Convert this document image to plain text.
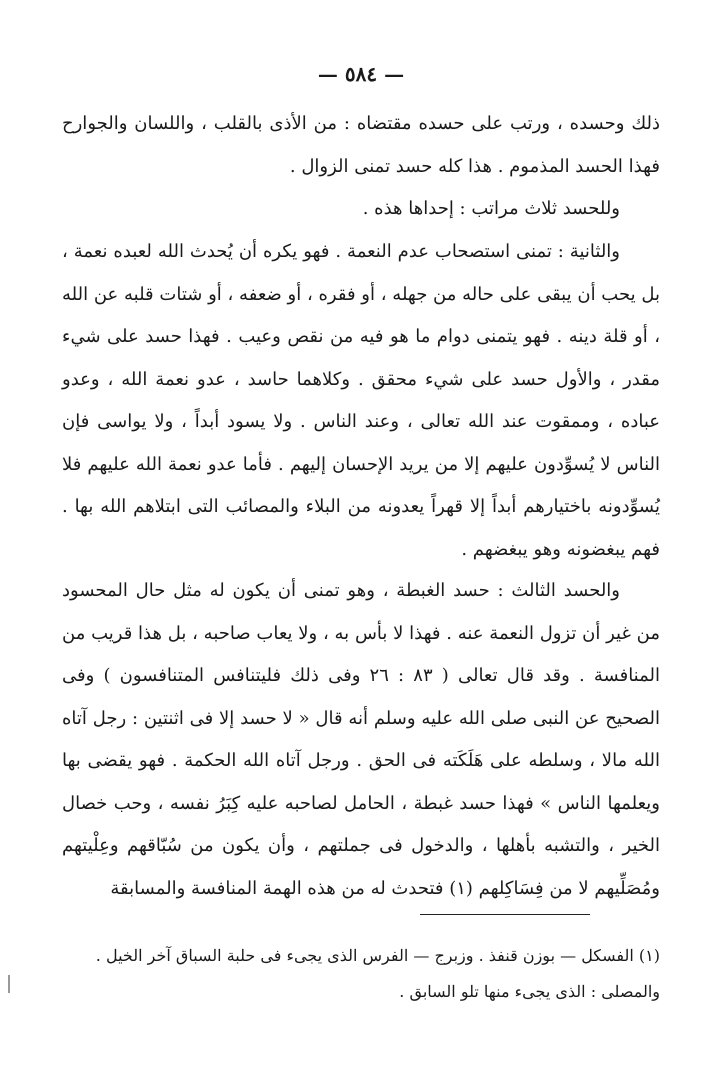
— ٥٨٤ —

ذلك وحسده ، ورتب على حسده مقتضاه : من الأذى بالقلب ، واللسان والجوارح فهذا الحسد المذموم . هذا كله حسد تمنى الزوال .

وللحسد ثلاث مراتب : إحداها هذه .

والثانية : تمنى استصحاب عدم النعمة . فهو يكره أن يُحدث الله لعبده نعمة ، بل يحب أن يبقى على حاله من جهله ، أو فقره ، أو ضعفه ، أو شتات قلبه عن الله ، أو قلة دينه . فهو يتمنى دوام ما هو فيه من نقص وعيب . فهذا حسد على شيء مقدر ، والأول حسد على شيء محقق . وكلاهما حاسد ، عدو نعمة الله ، وعدو عباده ، وممقوت عند الله تعالى ، وعند الناس . ولا يسود أبداً ، ولا يواسى فإن الناس لا يُسوِّدون عليهم إلا من يريد الإحسان إليهم . فأما عدو نعمة الله عليهم فلا يُسوِّدونه باختيارهم أبداً إلا قهراً يعدونه من البلاء والمصائب التى ابتلاهم الله بها . فهم يبغضونه وهو يبغضهم .

والحسد الثالث : حسد الغبطة ، وهو تمنى أن يكون له مثل حال المحسود من غير أن تزول النعمة عنه . فهذا لا بأس به ، ولا يعاب صاحبه ، بل هذا قريب من المنافسة . وقد قال تعالى ( ٨٣ : ٢٦ وفى ذلك فليتنافس المتنافسون ) وفى الصحيح عن النبى صلى الله عليه وسلم أنه قال « لا حسد إلا فى اثنتين : رجل آتاه الله مالا ، وسلطه على هَلَكَته فى الحق . ورجل آتاه الله الحكمة . فهو يقضى بها ويعلمها الناس » فهذا حسد غبطة ، الحامل لصاحبه عليه كِبَرُ نفسه ، وحب خصال الخير ، والتشبه بأهلها ، والدخول فى جملتهم ، وأن يكون من سُبّاقهم وعِلْيتهم ومُصَلِّيهم لا من فِسَاكِلهم (١) فتحدث له من هذه الهمة المنافسة والمسابقة

(١) الفسكل — بوزن قنفذ . وزبرج — الفرس الذى يجىء فى حلبة السباق آخر الخيل . والمصلى : الذى يجىء منها تلو السابق .
